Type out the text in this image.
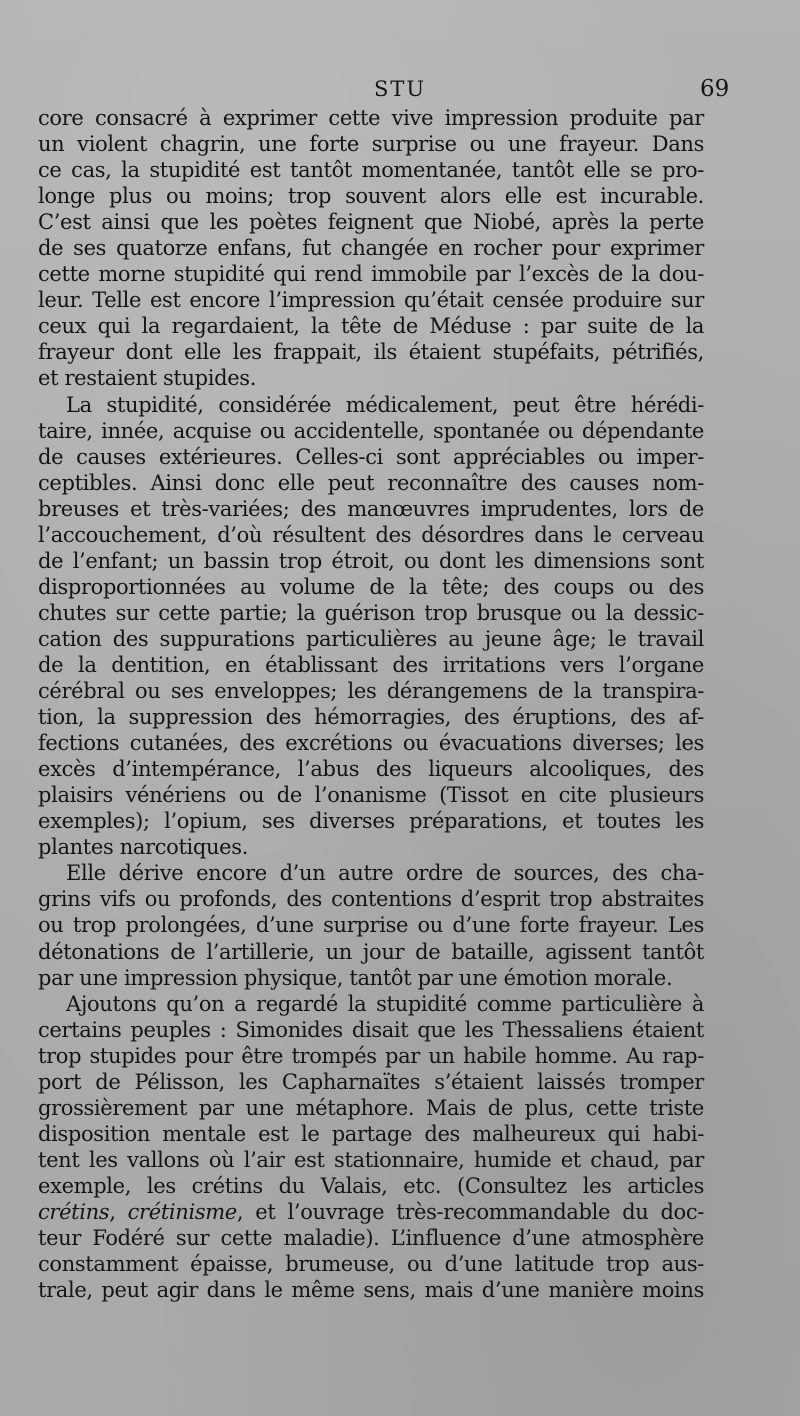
STU	69
core consacré à exprimer cette vive impression produite par
un violent chagrin, une forte surprise ou une frayeur. Dans
ce cas, la stupidité est tantôt momentanée, tantôt elle se pro-
longe plus ou moins; trop souvent alors elle est incurable.
C’est ainsi que les poètes feignent que Niobé, après la perte
de ses quatorze enfans, fut changée en rocher pour exprimer
cette morne stupidité qui rend immobile par l’excès de la dou-
leur. Telle est encore l’impression qu’était censée produire sur
ceux qui la regardaient, la tête de Méduse : par suite de la
frayeur dont elle les frappait, ils étaient stupéfaits, pétrifiés,
et restaient stupides.
La stupidité, considérée médicalement, peut être hérédi-
taire, innée, acquise ou accidentelle, spontanée ou dépendante
de causes extérieures. Celles-ci sont appréciables ou imper-
ceptibles. Ainsi donc elle peut reconnaître des causes nom-
breuses et très-variées; des manœuvres imprudentes, lors de
l’accouchement, d’où résultent des désordres dans le cerveau
de l’enfant; un bassin trop étroit, ou dont les dimensions sont
disproportionnées au volume de la tête; des coups ou des
chutes sur cette partie; la guérison trop brusque ou la dessic-
cation des suppurations particulières au jeune âge; le travail
de la dentition, en établissant des irritations vers l’organe
cérébral ou ses enveloppes; les dérangemens de la transpira-
tion, la suppression des hémorragies, des éruptions, des af-
fections cutanées, des excrétions ou évacuations diverses; les
excès d’intempérance, l’abus des liqueurs alcooliques, des
plaisirs vénériens ou de l’onanisme (Tissot en cite plusieurs
exemples); l’opium, ses diverses préparations, et toutes les
plantes narcotiques.
Elle dérive encore d’un autre ordre de sources, des cha-
grins vifs ou profonds, des contentions d’esprit trop abstraites
ou trop prolongées, d’une surprise ou d’une forte frayeur. Les
détonations de l’artillerie, un jour de bataille, agissent tantôt
par une impression physique, tantôt par une émotion morale.
Ajoutons qu’on a regardé la stupidité comme particulière à
certains peuples : Simonides disait que les Thessaliens étaient
trop stupides pour être trompés par un habile homme. Au rap-
port de Pélisson, les Capharnaïtes s’étaient laissés tromper
grossièrement par une métaphore. Mais de plus, cette triste
disposition mentale est le partage des malheureux qui habi-
tent les vallons où l’air est stationnaire, humide et chaud, par
exemple, les crétins du Valais, etc. (Consultez les articles
crétins, crétinisme, et l’ouvrage très-recommandable du doc-
teur Fodéré sur cette maladie). L’influence d’une atmosphère
constamment épaisse, brumeuse, ou d’une latitude trop aus-
trale, peut agir dans le même sens, mais d’une manière moins
